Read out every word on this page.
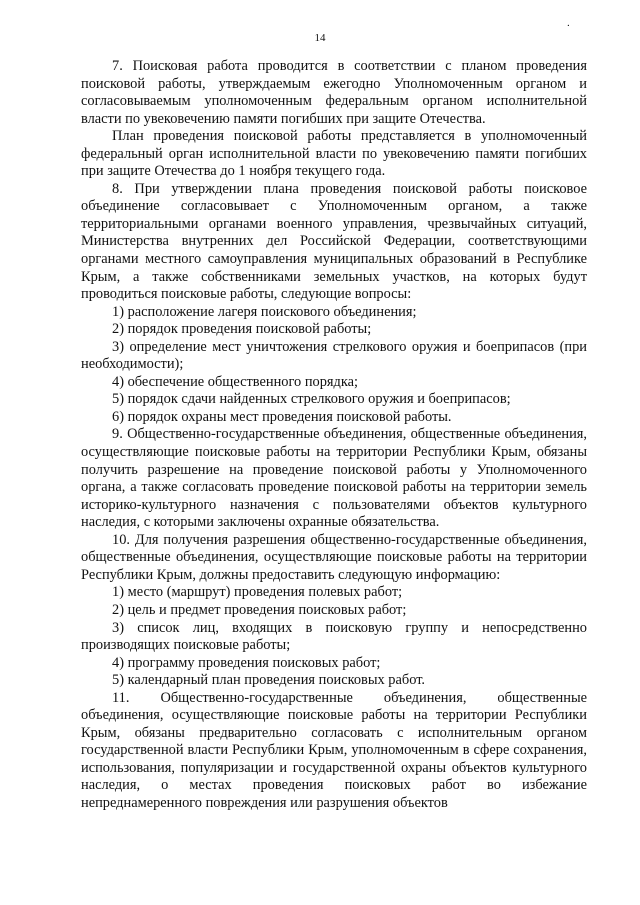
.
14

7. Поисковая работа проводится в соответствии с планом проведения поисковой работы, утверждаемым ежегодно Уполномоченным органом и согласовываемым уполномоченным федеральным органом исполнительной власти по увековечению памяти погибших при защите Отечества.

План проведения поисковой работы представляется в уполномоченный федеральный орган исполнительной власти по увековечению памяти погибших при защите Отечества до 1 ноября текущего года.

8. При утверждении плана проведения поисковой работы поисковое объединение согласовывает с Уполномоченным органом, а также территориальными органами военного управления, чрезвычайных ситуаций, Министерства внутренних дел Российской Федерации, соответствующими органами местного самоуправления муниципальных образований в Республике Крым, а также собственниками земельных участков, на которых будут проводиться поисковые работы, следующие вопросы:

1) расположение лагеря поискового объединения;

2) порядок проведения поисковой работы;

3) определение мест уничтожения стрелкового оружия и боеприпасов (при необходимости);

4) обеспечение общественного порядка;

5) порядок сдачи найденных стрелкового оружия и боеприпасов;

6) порядок охраны мест проведения поисковой работы.

9. Общественно-государственные объединения, общественные объединения, осуществляющие поисковые работы на территории Республики Крым, обязаны получить разрешение на проведение поисковой работы у Уполномоченного органа, а также согласовать проведение поисковой работы на территории земель историко-культурного назначения с пользователями объектов культурного наследия, с которыми заключены охранные обязательства.

10. Для получения разрешения общественно-государственные объединения, общественные объединения, осуществляющие поисковые работы на территории Республики Крым, должны предоставить следующую информацию:

1) место (маршрут) проведения полевых работ;

2) цель и предмет проведения поисковых работ;

3) список лиц, входящих в поисковую группу и непосредственно производящих поисковые работы;

4) программу проведения поисковых работ;

5) календарный план проведения поисковых работ.

11. Общественно-государственные объединения, общественные объединения, осуществляющие поисковые работы на территории Республики Крым, обязаны предварительно согласовать с исполнительным органом государственной власти Республики Крым, уполномоченным в сфере сохранения, использования, популяризации и государственной охраны объектов культурного наследия, о местах проведения поисковых работ во избежание непреднамеренного повреждения или разрушения объектов
